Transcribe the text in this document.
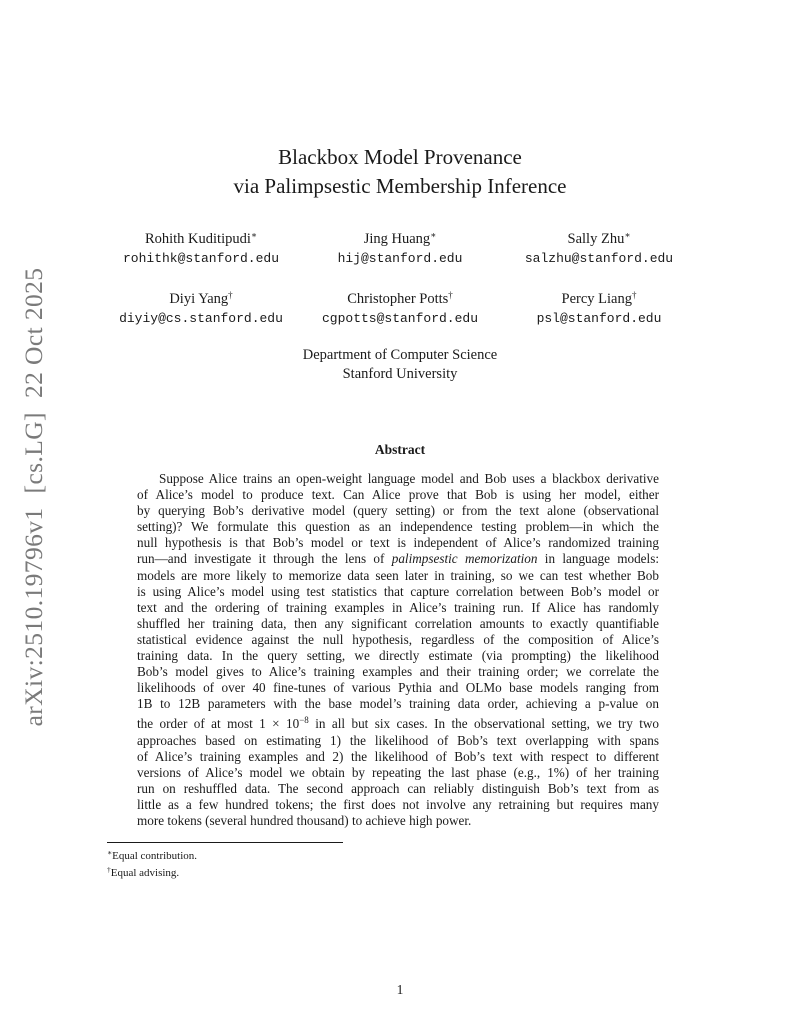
arXiv:2510.19796v1[cs.LG]22 Oct 2025
Blackbox Model Provenance
via Palimpsestic Membership Inference
Rohith Kuditipudi∗
rohithk@stanford.edu
Jing Huang∗
hij@stanford.edu
Sally Zhu∗
salzhu@stanford.edu
Diyi Yang†
diyiy@cs.stanford.edu
Christopher Potts†
cgpotts@stanford.edu
Percy Liang†
psl@stanford.edu
Department of Computer Science
Stanford University
Abstract
Suppose Alice trains an open-weight language model and Bob uses a blackbox derivative
of Alice’s model to produce text. Can Alice prove that Bob is using her model, either
by querying Bob’s derivative model (query setting) or from the text alone (observational
setting)? We formulate this question as an independence testing problem—in which the
null hypothesis is that Bob’s model or text is independent of Alice’s randomized training
run—and investigate it through the lens of palimpsestic memorization in language models:
models are more likely to memorize data seen later in training, so we can test whether Bob
is using Alice’s model using test statistics that capture correlation between Bob’s model or
text and the ordering of training examples in Alice’s training run. If Alice has randomly
shuffled her training data, then any significant correlation amounts to exactly quantifiable
statistical evidence against the null hypothesis, regardless of the composition of Alice’s
training data. In the query setting, we directly estimate (via prompting) the likelihood
Bob’s model gives to Alice’s training examples and their training order; we correlate the
likelihoods of over 40 fine-tunes of various Pythia and OLMo base models ranging from
1B to 12B parameters with the base model’s training data order, achieving a p-value on
the order of at most $1 \times 10^{-8}$ in all but six cases. In the observational setting, we try two
approaches based on estimating 1) the likelihood of Bob’s text overlapping with spans
of Alice’s training examples and 2) the likelihood of Bob’s text with respect to different
versions of Alice’s model we obtain by repeating the last phase (e.g., 1%) of her training
run on reshuffled data. The second approach can reliably distinguish Bob’s text from as
little as a few hundred tokens; the first does not involve any retraining but requires many
more tokens (several hundred thousand) to achieve high power.
∗Equal contribution.
†Equal advising.
1
